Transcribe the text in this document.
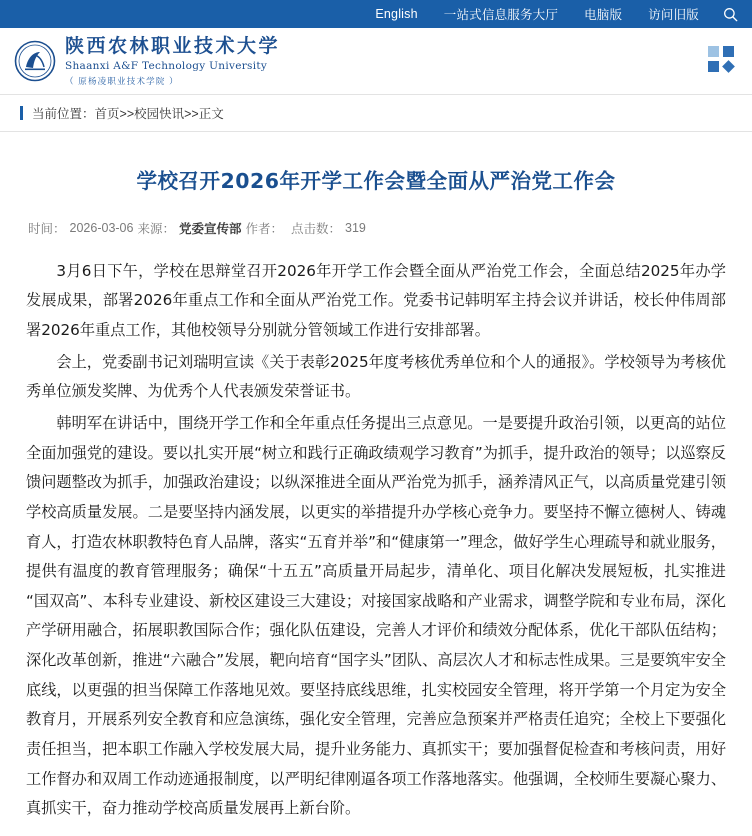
English 一站式信息服务大厅 电脑版 访问旧版
陕西农林职业技术大学
Shaanxi A&F Technology University
（ 原杨凌职业技术学院 ）
当前位置： 首页>>校园快讯>>正文
学校召开2026年开学工作会暨全面从严治党工作会
时间： 2026-03-06 来源： 党委宣传部 作者： 点击数： 319

3月6日下午，学校在思辩堂召开2026年开学工作会暨全面从严治党工作会，全面总结2025年办学发展成果，部署2026年重点工作和全面从严治党工作。党委书记韩明军主持会议并讲话，校长仲伟周部署2026年重点工作，其他校领导分别就分管领域工作进行安排部署。

会上，党委副书记刘瑞明宣读《关于表彰2025年度考核优秀单位和个人的通报》。学校领导为考核优秀单位颁发奖牌、为优秀个人代表颁发荣誉证书。

韩明军在讲话中，围绕开学工作和全年重点任务提出三点意见。一是要提升政治引领，以更高的站位全面加强党的建设。要以扎实开展“树立和践行正确政绩观学习教育”为抓手，提升政治的领导；以巡察反馈问题整改为抓手，加强政治建设；以纵深推进全面从严治党为抓手，涵养清风正气，以高质量党建引领学校高质量发展。二是要坚持内涵发展，以更实的举措提升办学核心竞争力。要坚持不懈立德树人、铸魂育人，打造农林职教特色育人品牌，落实“五育并举”和“健康第一”理念，做好学生心理疏导和就业服务，提供有温度的教育管理服务；确保“十五五”高质量开局起步，清单化、项目化解决发展短板，扎实推进“国双高”、本科专业建设、新校区建设三大建设；对接国家战略和产业需求，调整学院和专业布局，深化产学研用融合，拓展职教国际合作；强化队伍建设，完善人才评价和绩效分配体系，优化干部队伍结构；深化改革创新，推进“六融合”发展，靶向培育“国字头”团队、高层次人才和标志性成果。三是要筑牢安全底线，以更强的担当保障工作落地见效。要坚持底线思维，扎实校园安全管理，将开学第一个月定为安全教育月，开展系列安全教育和应急演练，强化安全管理，完善应急预案并严格责任追究；全校上下要强化责任担当，把本职工作融入学校发展大局，提升业务能力、真抓实干；要加强督促检查和考核问责，用好工作督办和双周工作动迹通报制度，以严明纪律刚逼各项工作落地落实。他强调，全校师生要凝心聚力、真抓实干，奋力推动学校高质量发展再上新台阶。
